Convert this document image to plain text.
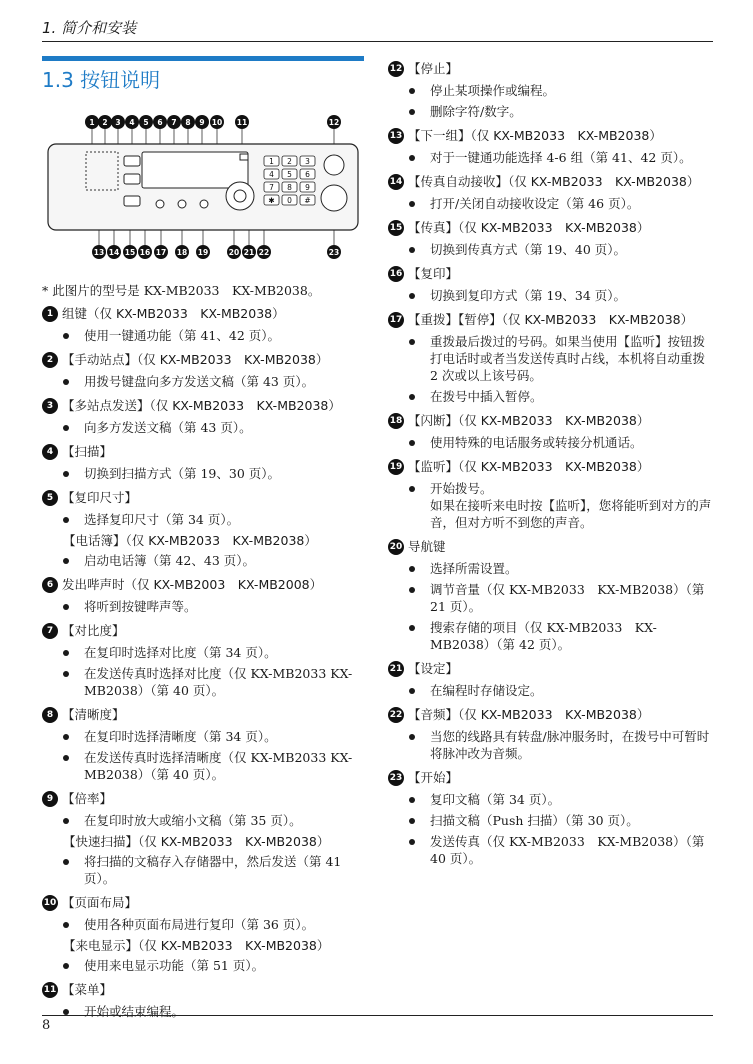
1. 简介和安装
1.3 按钮说明
1 2 3
4 5 6
7 8 9
✱ 0 #
1 2 3 4 5 6 7 8 9 10 11	12
13 14 15 16 17 18 19	20 21 22	23
* 此图片的型号是 KX-MB2033　KX-MB2038。
1 组键（仅 KX-MB2033　KX-MB2038）
使用一键通功能（第 41、42 页）。
2 【手动站点】（仅 KX-MB2033　KX-MB2038）
用拨号键盘向多方发送文稿（第 43 页）。
3 【多站点发送】（仅 KX-MB2033　KX-MB2038）
向多方发送文稿（第 43 页）。
4 【扫描】
切换到扫描方式（第 19、30 页）。
5 【复印尺寸】
选择复印尺寸（第 34 页）。
【电话簿】（仅 KX-MB2033　KX-MB2038）
启动电话簿（第 42、43 页）。
6 发出哔声时（仅 KX-MB2003　KX-MB2008）
将听到按键哔声等。
7 【对比度】
在复印时选择对比度（第 34 页）。
在发送传真时选择对比度（仅 KX-MB2033 KX-MB2038）（第 40 页）。
8 【清晰度】
在复印时选择清晰度（第 34 页）。
在发送传真时选择清晰度（仅 KX-MB2033 KX-MB2038）（第 40 页）。
9 【倍率】
在复印时放大或缩小文稿（第 35 页）。
【快速扫描】（仅 KX-MB2033　KX-MB2038）
将扫描的文稿存入存储器中，然后发送（第 41 页）。
10 【页面布局】
使用各种页面布局进行复印（第 36 页）。
【来电显示】（仅 KX-MB2033　KX-MB2038）
使用来电显示功能（第 51 页）。
11 【菜单】
开始或结束编程。
12 【停止】
停止某项操作或编程。
删除字符/数字。
13 【下一组】（仅 KX-MB2033　KX-MB2038）
对于一键通功能选择 4-6 组（第 41、42 页）。
14 【传真自动接收】（仅 KX-MB2033　KX-MB2038）
打开/关闭自动接收设定（第 46 页）。
15 【传真】（仅 KX-MB2033　KX-MB2038）
切换到传真方式（第 19、40 页）。
16 【复印】
切换到复印方式（第 19、34 页）。
17 【重拨】【暂停】（仅 KX-MB2033　KX-MB2038）
重拨最后拨过的号码。如果当使用【监听】按钮拨打电话时或者当发送传真时占线，本机将自动重拨 2 次或以上该号码。
在拨号中插入暂停。
18 【闪断】（仅 KX-MB2033　KX-MB2038）
使用特殊的电话服务或转接分机通话。
19 【监听】（仅 KX-MB2033　KX-MB2038）
开始拨号。
如果在接听来电时按【监听】，您将能听到对方的声音，但对方听不到您的声音。
20 导航键
选择所需设置。
调节音量（仅 KX-MB2033　KX-MB2038）（第 21 页）。
搜索存储的项目（仅 KX-MB2033　KX-MB2038）（第 42 页）。
21 【设定】
在编程时存储设定。
22 【音频】（仅 KX-MB2033　KX-MB2038）
当您的线路具有转盘/脉冲服务时，在拨号中可暂时将脉冲改为音频。
23 【开始】
复印文稿（第 34 页）。
扫描文稿（Push 扫描）（第 30 页）。
发送传真（仅 KX-MB2033　KX-MB2038）（第 40 页）。
8
